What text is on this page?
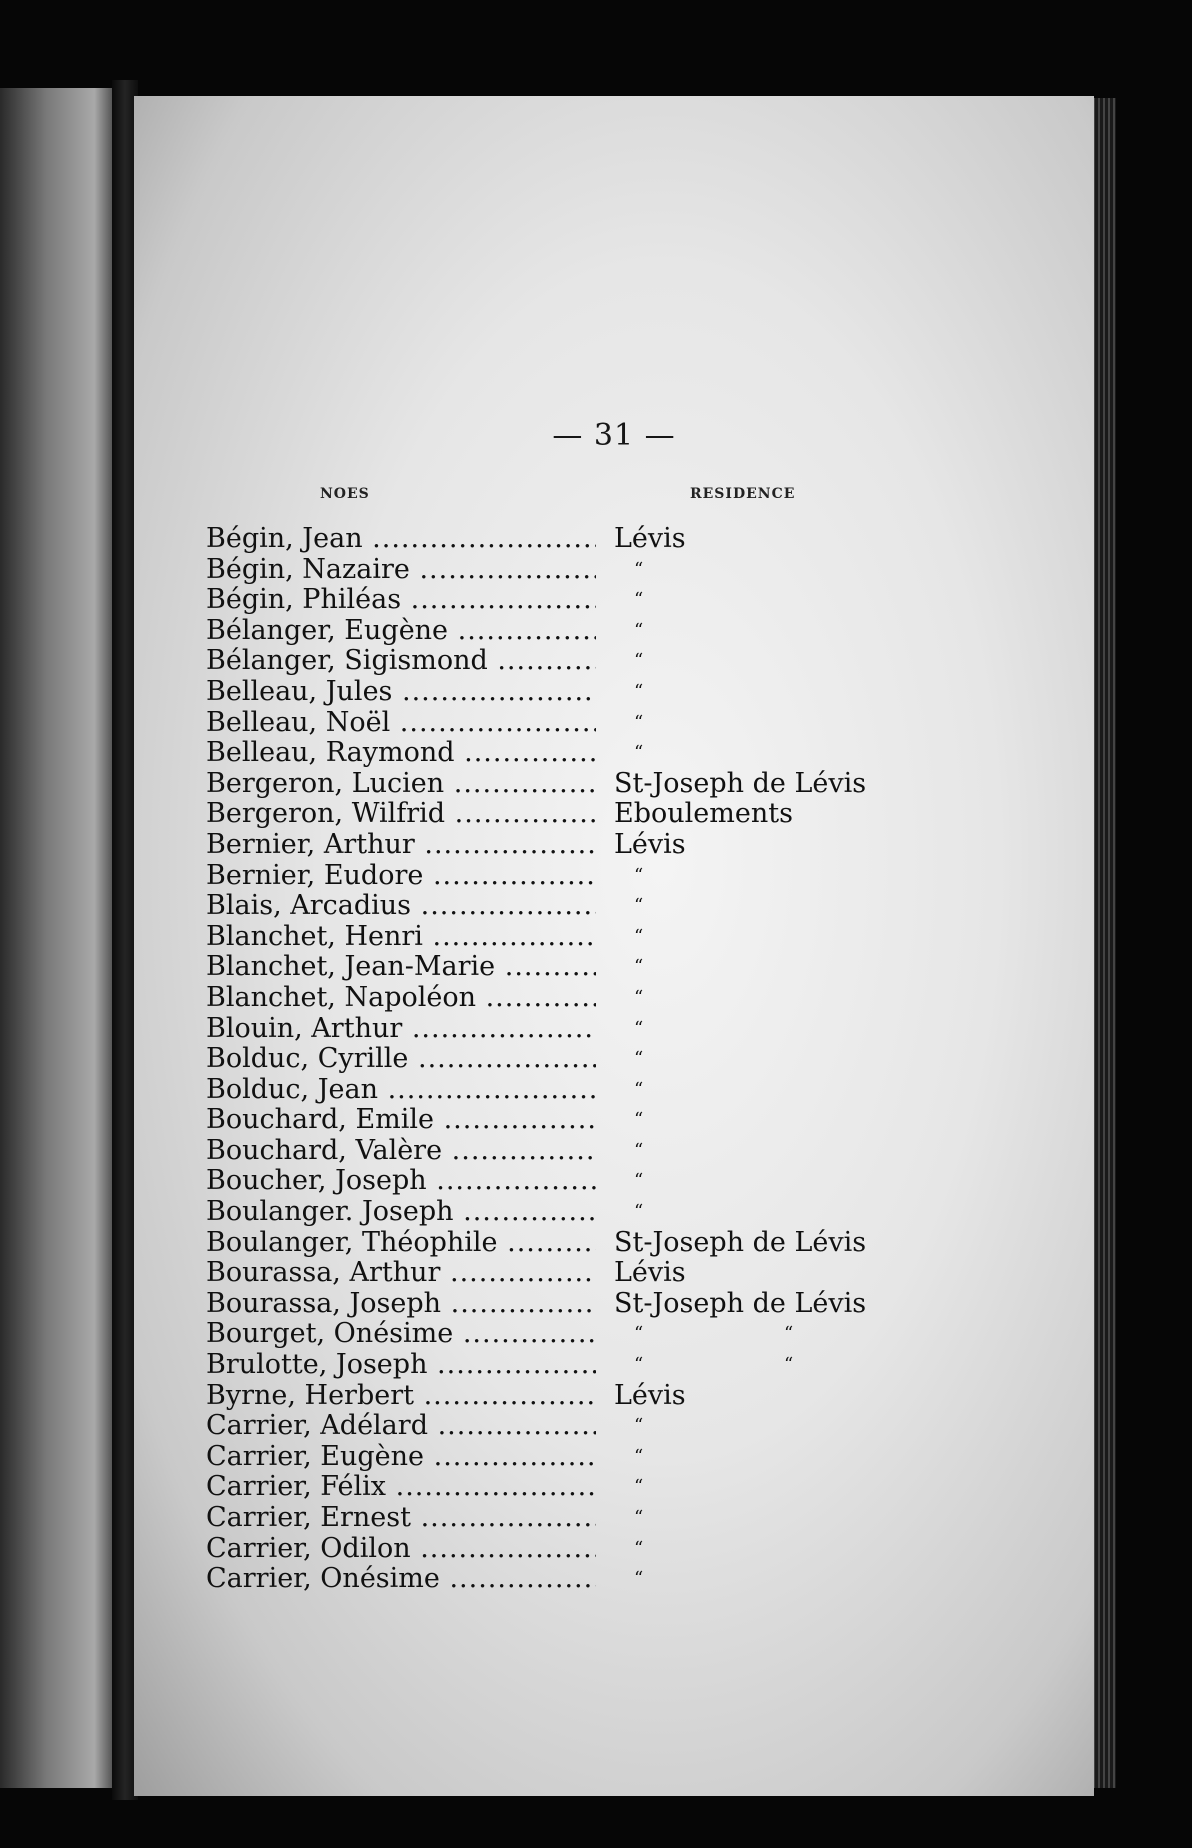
— 31 —
NOES	RESIDENCE
Bégin, Jean .....	Lévis
Bégin, Nazaire .....	“
Bégin, Philéas .....	“
Bélanger, Eugène .....	“
Bélanger, Sigismond .....	“
Belleau, Jules .....	“
Belleau, Noël .....	“
Belleau, Raymond .....	“
Bergeron, Lucien .....	St-Joseph de Lévis
Bergeron, Wilfrid .....	Eboulements
Bernier, Arthur .....	Lévis
Bernier, Eudore .....	“
Blais, Arcadius .....	“
Blanchet, Henri .....	“
Blanchet, Jean-Marie .....	“
Blanchet, Napoléon .....	“
Blouin, Arthur .....	“
Bolduc, Cyrille .....	“
Bolduc, Jean .....	“
Bouchard, Emile .....	“
Bouchard, Valère .....	“
Boucher, Joseph .....	“
Boulanger. Joseph .....	“
Boulanger, Théophile .....	St-Joseph de Lévis
Bourassa, Arthur .....	Lévis
Bourassa, Joseph .....	St-Joseph de Lévis
Bourget, Onésime .....	“	“
Brulotte, Joseph .....	“	“
Byrne, Herbert .....	Lévis
Carrier, Adélard .....	“
Carrier, Eugène .....	“
Carrier, Félix .....	“
Carrier, Ernest .....	“
Carrier, Odilon .....	“
Carrier, Onésime .....	“
